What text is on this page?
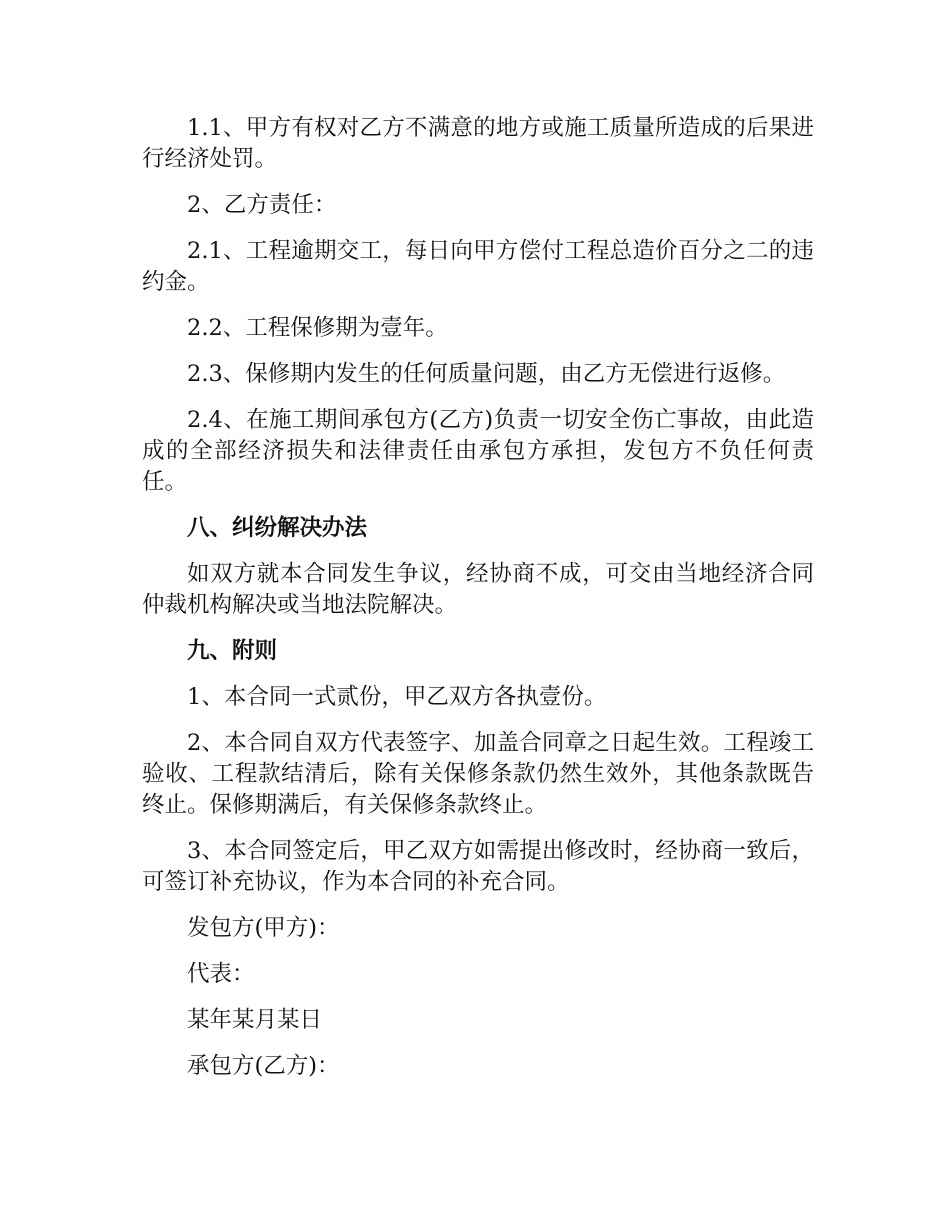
1.1、甲方有权对乙方不满意的地方或施工质量所造成的后果进行经济处罚。

2、乙方责任：

2.1、工程逾期交工，每日向甲方偿付工程总造价百分之二的违约金。

2.2、工程保修期为壹年。

2.3、保修期内发生的任何质量问题，由乙方无偿进行返修。

2.4、在施工期间承包方(乙方)负责一切安全伤亡事故，由此造成的全部经济损失和法律责任由承包方承担，发包方不负任何责任。

八、纠纷解决办法

如双方就本合同发生争议，经协商不成，可交由当地经济合同仲裁机构解决或当地法院解决。

九、附则

1、本合同一式贰份，甲乙双方各执壹份。

2、本合同自双方代表签字、加盖合同章之日起生效。工程竣工验收、工程款结清后，除有关保修条款仍然生效外，其他条款既告终止。保修期满后，有关保修条款终止。

3、本合同签定后，甲乙双方如需提出修改时，经协商一致后，可签订补充协议，作为本合同的补充合同。

发包方(甲方)：

代表：

某年某月某日

承包方(乙方)：
